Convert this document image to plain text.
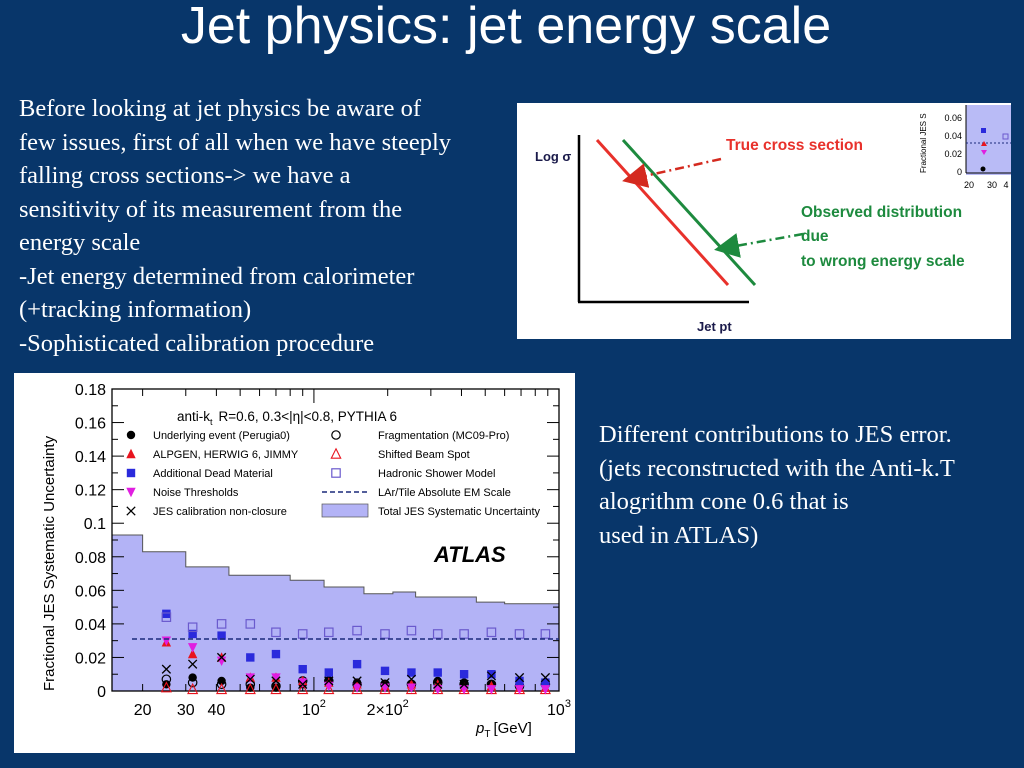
Jet physics: jet energy scale
Before looking at jet physics be aware of
few issues, first of all when we have steeply
falling cross sections-> we have a
sensitivity of its measurement from the
energy scale
-Jet energy determined from calorimeter
(+tracking information)
-Sophisticated calibration procedure
Log σ
Jet pt
True cross section
Observed distribution
due
to wrong energy scale
Fractional JES S 0.06
0.04
0.02
0
20 30 4
0.18
0.16
0.14
0.12
0.1
0.08
0.06
0.04
0.02
0
20 30 40	$10^2$	$2\times 10^2$	$10^3$
anti-$k_t$ R=0.6, 0.3<|η|<0.8, PYTHIA 6
ATLAS
Fractional JES Systematic Uncertainty
$p_T$ [GeV]
Underlying event (Perugia0)	Fragmentation (MC09-Pro)
ALPGEN, HERWIG 6, JIMMY	Shifted Beam Spot
Additional Dead Material	Hadronic Shower Model
Noise Thresholds	LAr/Tile Absolute EM Scale
JES calibration non-closure	Total JES Systematic Uncertainty
Different contributions to JES error.
(jets reconstructed with the Anti-k.T
alogrithm cone 0.6 that is
used in ATLAS)
